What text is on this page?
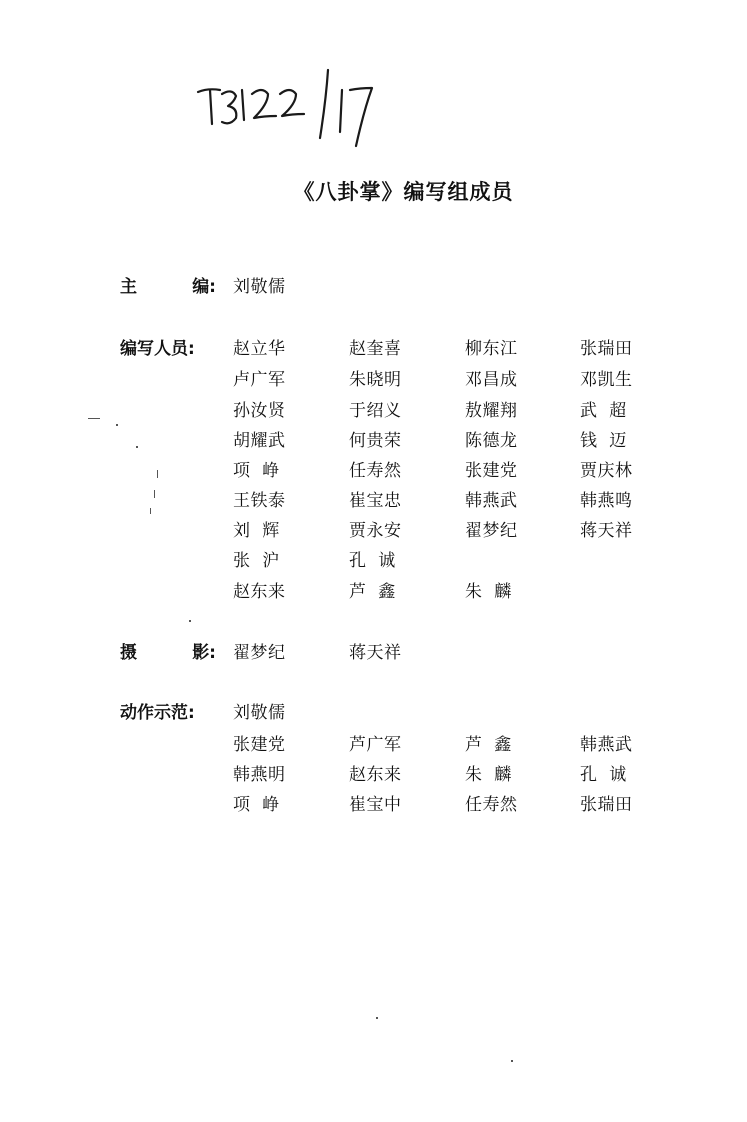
《八卦掌》编写组成员
主	编: 刘敬儒
编写人员: 赵立华	赵奎喜	柳东江	张瑞田
卢广军	朱晓明	邓昌成	邓凯生
孙汝贤	于绍义	敖耀翔	武  超
胡耀武	何贵荣	陈德龙	钱  迈
项  峥	任寿然	张建党	贾庆林
王铁泰	崔宝忠	韩燕武	韩燕鸣
刘  辉	贾永安	翟梦纪	蒋天祥
张  沪	孔  诚
赵东来	芦  鑫	朱  麟
摄	影: 翟梦纪	蒋天祥
动作示范: 刘敬儒
张建党	芦广军	芦  鑫	韩燕武
韩燕明	赵东来	朱  麟	孔  诚
项  峥	崔宝中	任寿然	张瑞田
